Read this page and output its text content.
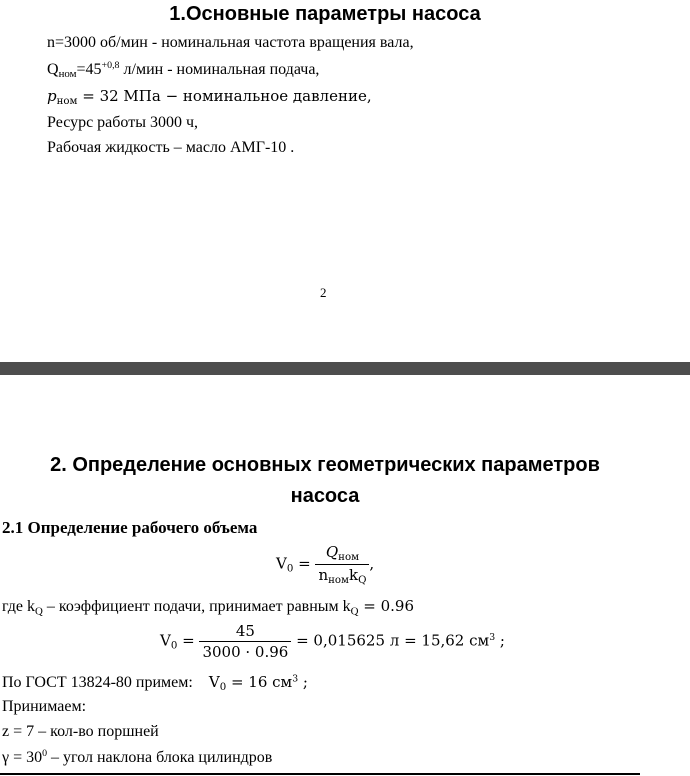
1.Основные параметры насоса
n=3000 об/мин - номинальная частота вращения вала,
$Q_{ном}=45^{+0,8}$ л/мин - номинальная подача,
$p_{ном} = 32$ МПа − номинальное давление,
Ресурс работы 3000 ч,
Рабочая жидкость – масло АМГ-10 .
2
2. Определение основных геометрических параметров
насоса
2.1 Определение рабочего объема
$V_0 = \frac{Q_{ном}}{n_{ном}k_Q}$ ,
где $k_Q$ – коэффициент подачи, принимает равным $k_Q = 0.96$
$V_0 = \frac{45}{3000 \cdot 0.96} = 0,015625$ л = 15,62 $см^3$ ;
По ГОСТ 13824-80 примем:    $V_0 = 16$ $см^3$ ;
Принимаем:
z = 7 – кол-во поршней
$\gamma = 30^0$ – угол наклона блока цилиндров
